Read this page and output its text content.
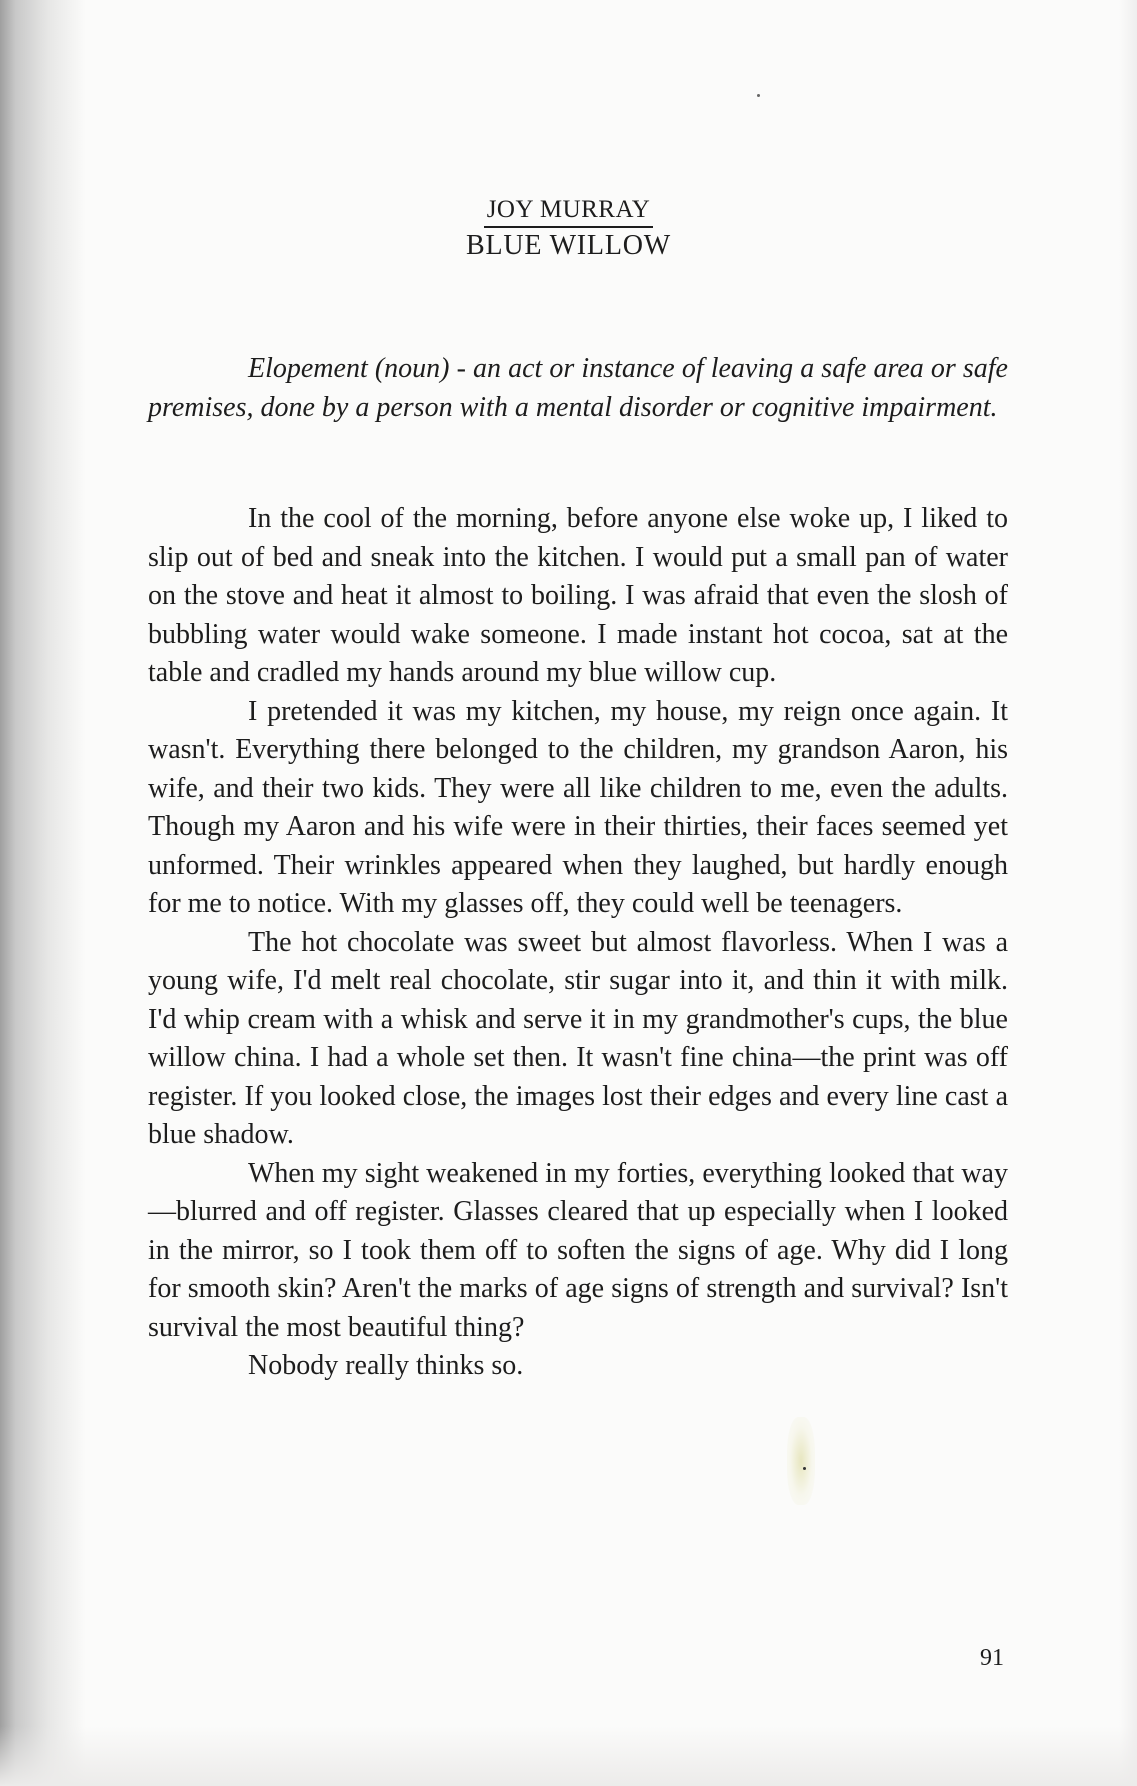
JOY MURRAY
BLUE WILLOW

Elopement (noun) - an act or instance of leaving a safe area or safe premises, done by a person with a mental disorder or cognitive impairment.

In the cool of the morning, before anyone else woke up, I liked to slip out of bed and sneak into the kitchen. I would put a small pan of water on the stove and heat it almost to boiling. I was afraid that even the slosh of bubbling water would wake someone. I made instant hot cocoa, sat at the table and cradled my hands around my blue willow cup.

I pretended it was my kitchen, my house, my reign once again. It wasn't. Everything there belonged to the children, my grandson Aaron, his wife, and their two kids. They were all like children to me, even the adults. Though my Aaron and his wife were in their thirties, their faces seemed yet unformed. Their wrinkles appeared when they laughed, but hardly enough for me to notice. With my glasses off, they could well be teenagers.

The hot chocolate was sweet but almost flavorless. When I was a young wife, I'd melt real chocolate, stir sugar into it, and thin it with milk. I'd whip cream with a whisk and serve it in my grandmother's cups, the blue willow china. I had a whole set then. It wasn't fine china—the print was off register. If you looked close, the images lost their edges and every line cast a blue shadow.

When my sight weakened in my forties, everything looked that way—blurred and off register. Glasses cleared that up especially when I looked in the mirror, so I took them off to soften the signs of age. Why did I long for smooth skin? Aren't the marks of age signs of strength and survival? Isn't survival the most beautiful thing?

Nobody really thinks so.

91
